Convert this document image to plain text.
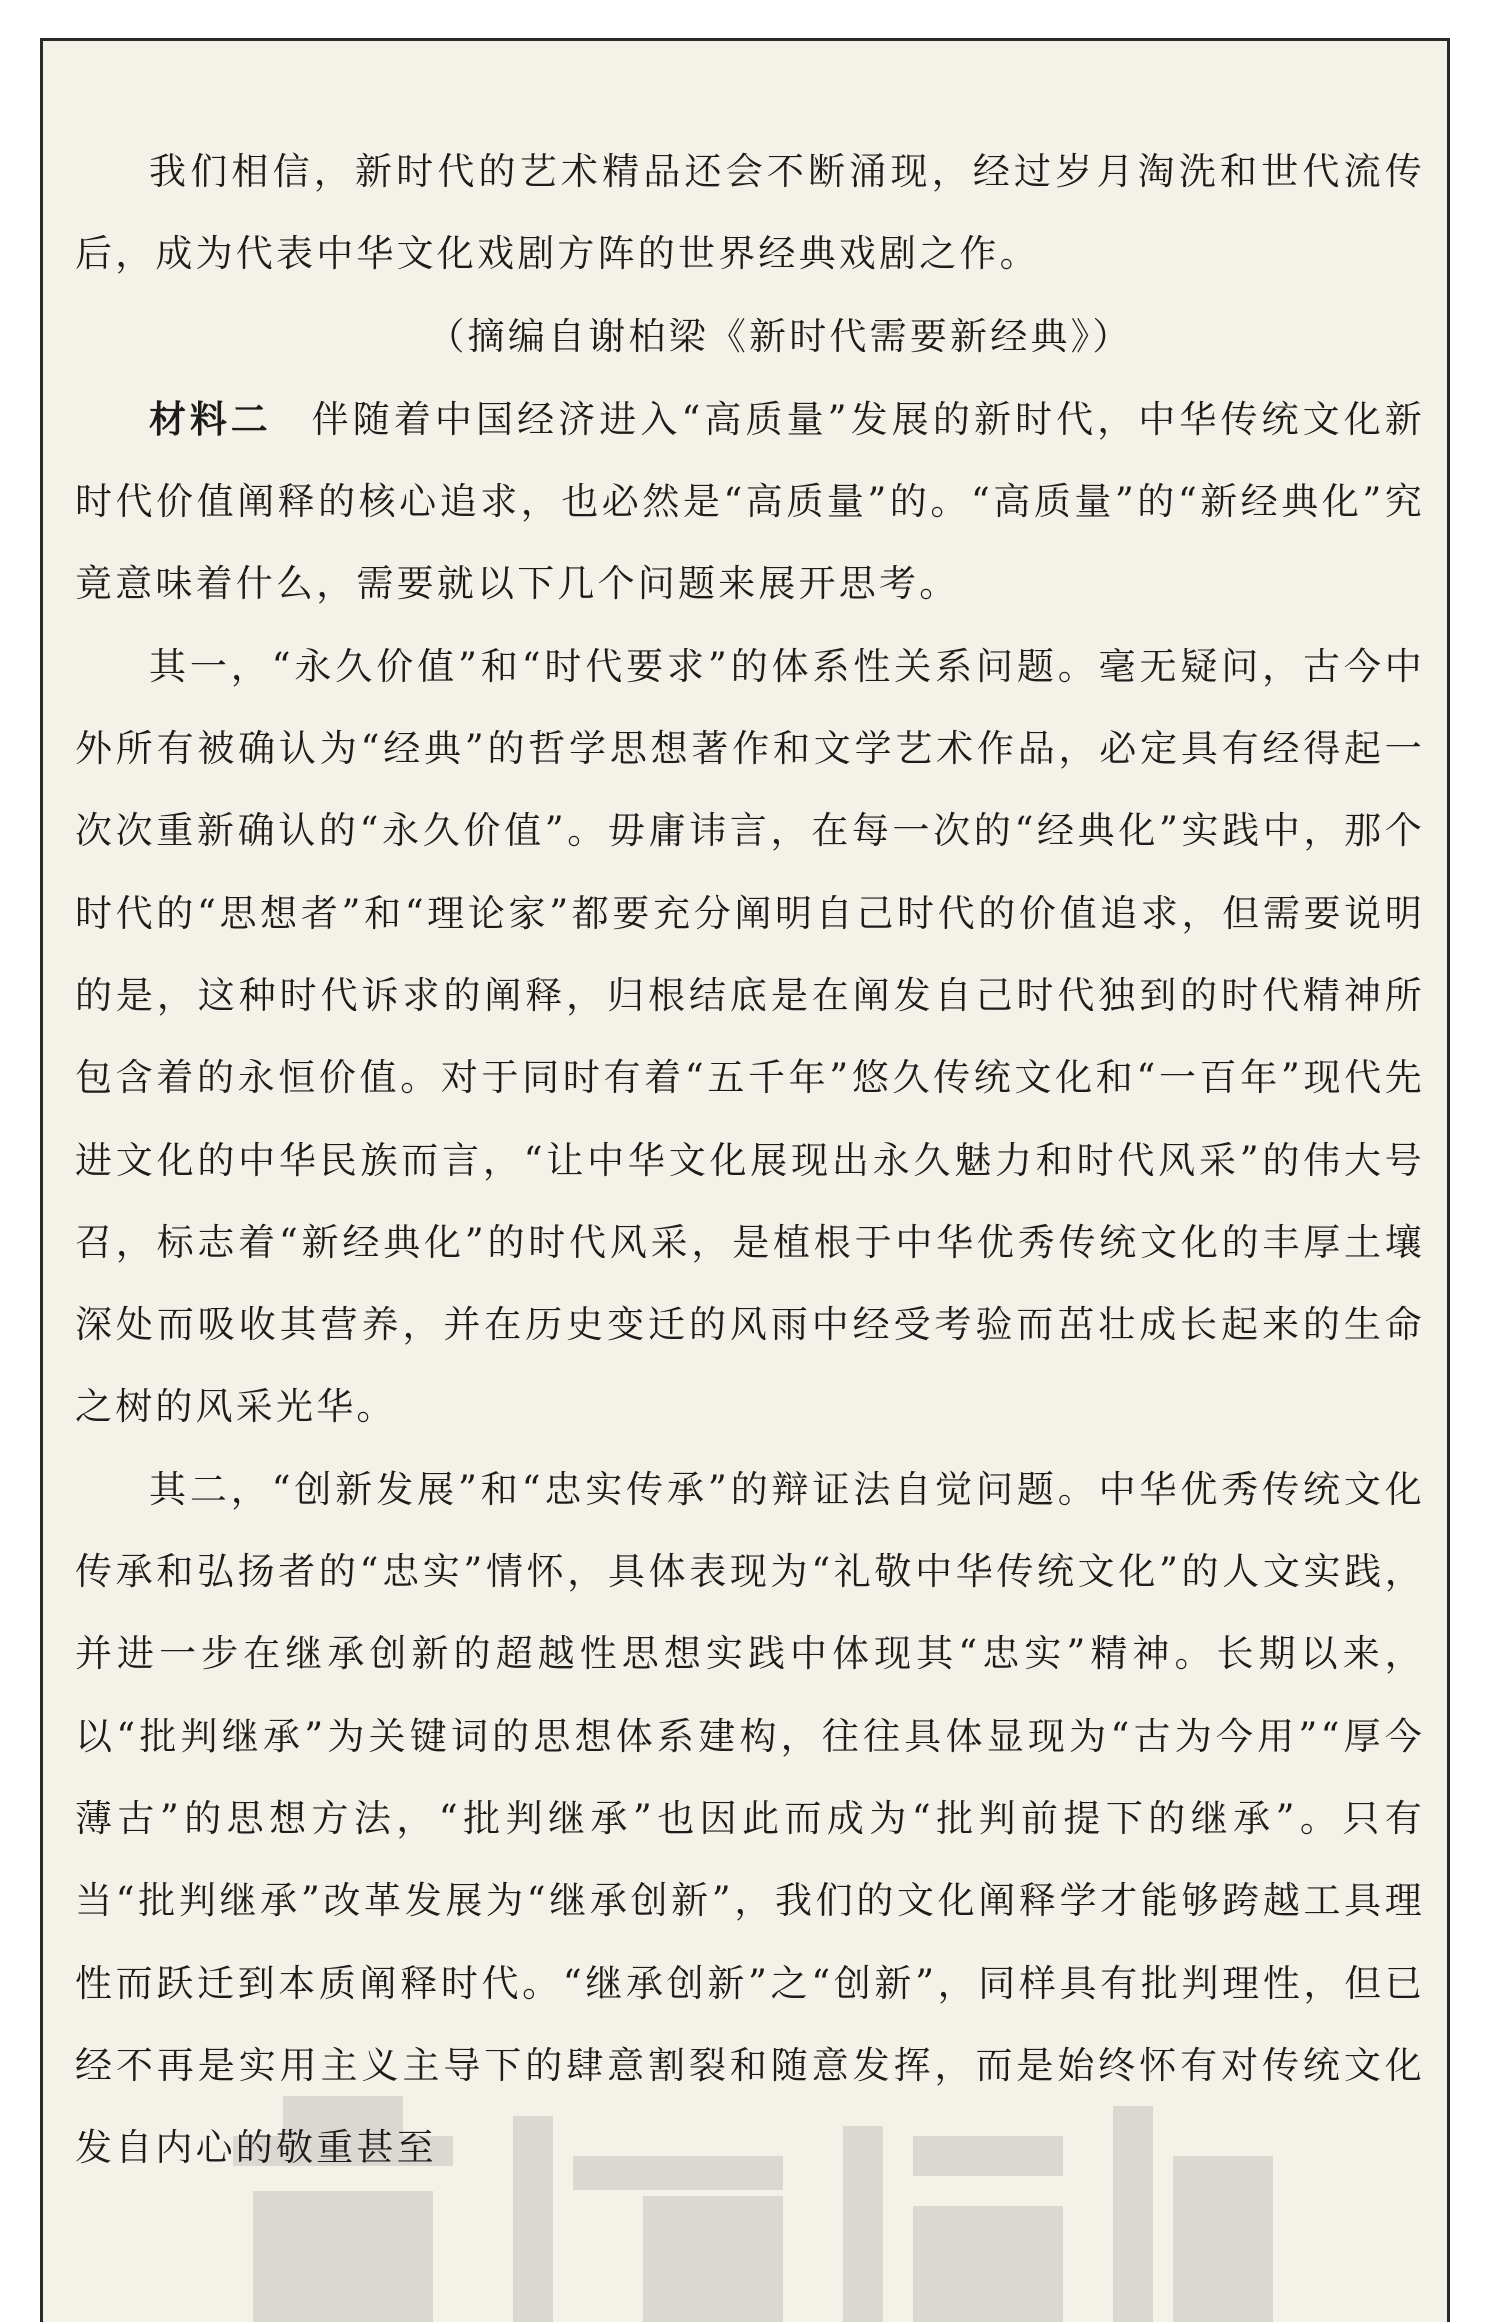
我们相信，新时代的艺术精品还会不断涌现，经过岁月淘洗和世代流传后，成为代表中华文化戏剧方阵的世界经典戏剧之作。

（摘编自谢柏梁《新时代需要新经典》）

材料二 伴随着中国经济进入“高质量”发展的新时代，中华传统文化新时代价值阐释的核心追求，也必然是“高质量”的。“高质量”的“新经典化”究竟意味着什么，需要就以下几个问题来展开思考。

其一，“永久价值”和“时代要求”的体系性关系问题。毫无疑问，古今中外所有被确认为“经典”的哲学思想著作和文学艺术作品，必定具有经得起一次次重新确认的“永久价值”。毋庸讳言，在每一次的“经典化”实践中，那个时代的“思想者”和“理论家”都要充分阐明自己时代的价值追求，但需要说明的是，这种时代诉求的阐释，归根结底是在阐发自己时代独到的时代精神所包含着的永恒价值。对于同时有着“五千年”悠久传统文化和“一百年”现代先进文化的中华民族而言，“让中华文化展现出永久魅力和时代风采”的伟大号召，标志着“新经典化”的时代风采，是植根于中华优秀传统文化的丰厚土壤深处而吸收其营养，并在历史变迁的风雨中经受考验而茁壮成长起来的生命之树的风采光华。

其二，“创新发展”和“忠实传承”的辩证法自觉问题。中华优秀传统文化传承和弘扬者的“忠实”情怀，具体表现为“礼敬中华传统文化”的人文实践，并进一步在继承创新的超越性思想实践中体现其“忠实”精神。长期以来，以“批判继承”为关键词的思想体系建构，往往具体显现为“古为今用”“厚今薄古”的思想方法，“批判继承”也因此而成为“批判前提下的继承”。只有当“批判继承”改革发展为“继承创新”，我们的文化阐释学才能够跨越工具理性而跃迁到本质阐释时代。“继承创新”之“创新”，同样具有批判理性，但已经不再是实用主义主导下的肆意割裂和随意发挥，而是始终怀有对传统文化发自内心的敬重甚至
